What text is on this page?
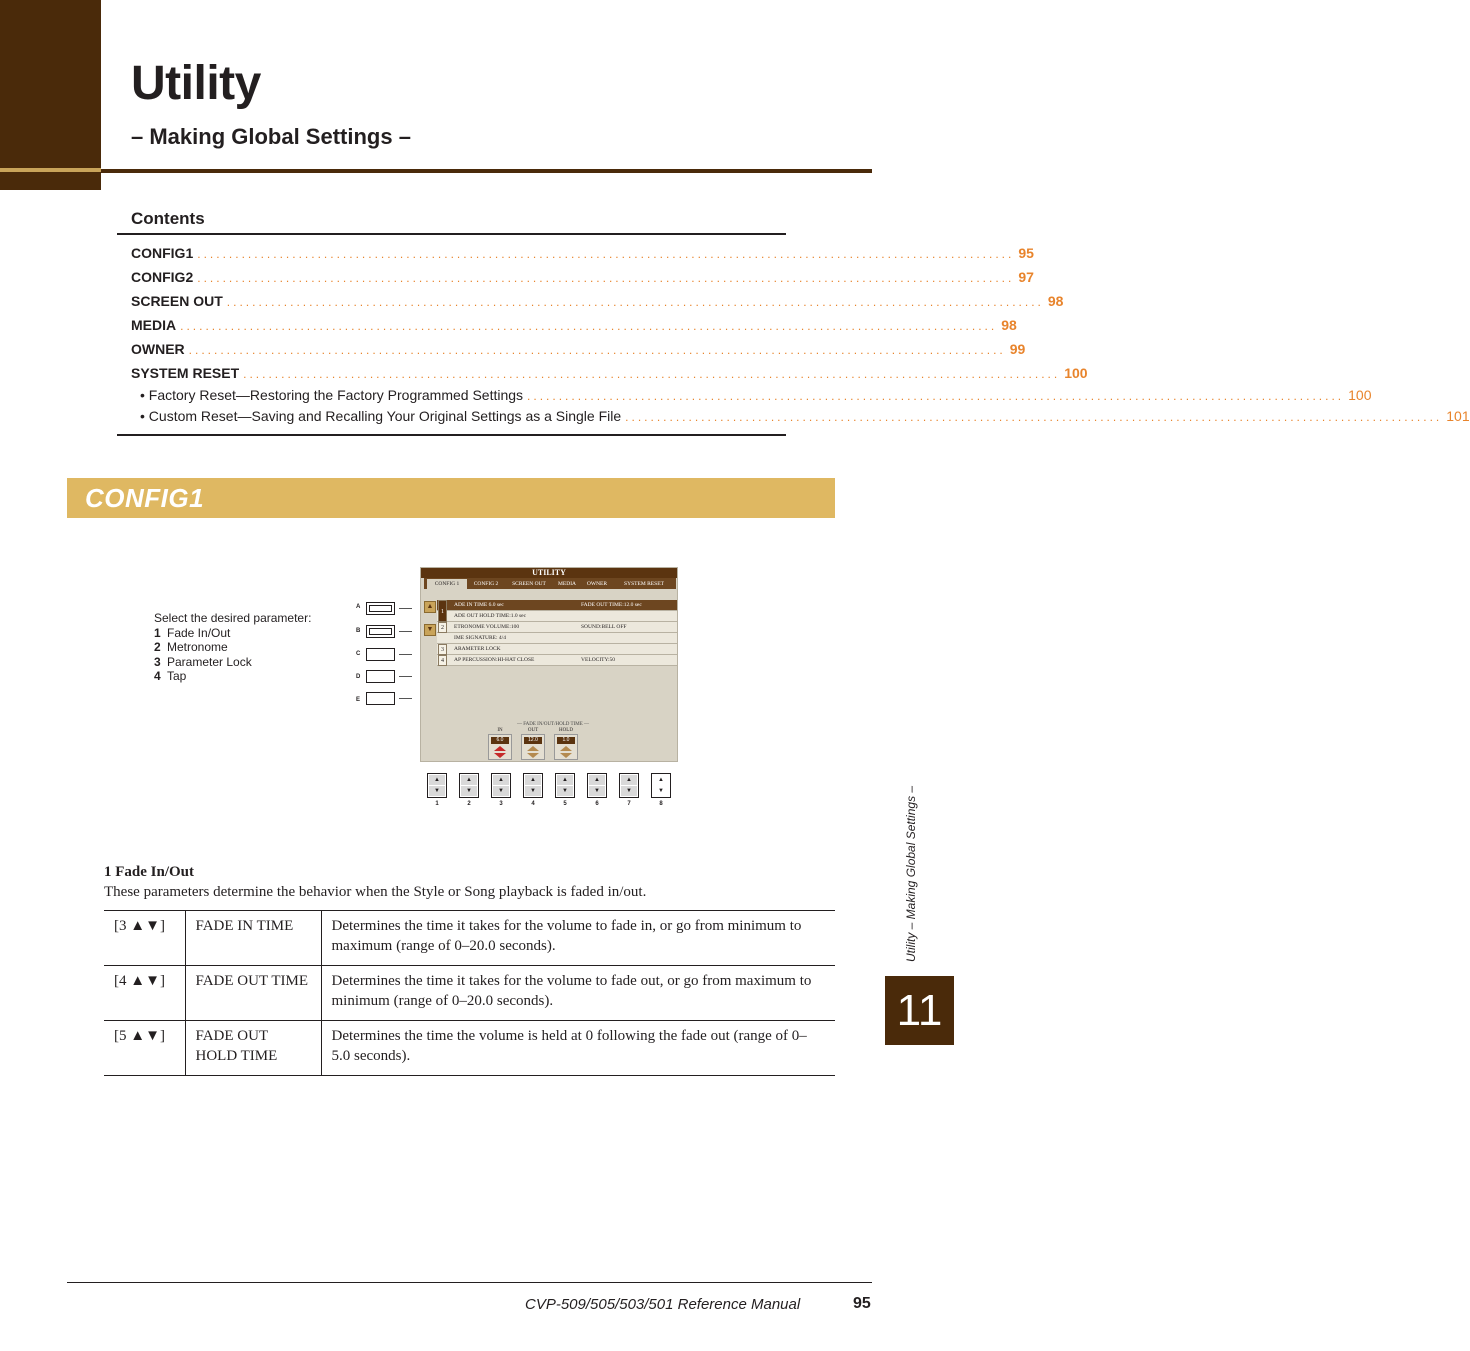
Utility
– Making Global Settings –
Contents
CONFIG1 ................................................................................................................................. 95
CONFIG2 ................................................................................................................................. 97
SCREEN OUT ................................................................................................................................. 98
MEDIA ................................................................................................................................. 98
OWNER ................................................................................................................................. 99
SYSTEM RESET ................................................................................................................................. 100
• Factory Reset—Restoring the Factory Programmed Settings ................................................................................................................................. 100
• Custom Reset—Saving and Recalling Your Original Settings as a Single File ................................................................................................................................. 101
CONFIG1
Select the desired parameter:
1 Fade In/Out
2 Metronome
3 Parameter Lock
4 Tap
A
B
C
D
E
UTILITY
CONFIG 1	CONFIG 2	SCREEN OUT	MEDIA	OWNER	SYSTEM RESET
▲
▼
ADE IN TIME 6.0 sec	FADE OUT TIME:12.0 sec
ADE OUT HOLD TIME:1.0 sec
ETRONOME VOLUME:100	SOUND:BELL OFF
IME SIGNATURE: 4/4
ARAMETER LOCK
AP PERCUSSION:HI-HAT CLOSE	VELOCITY:50
1
2
3
4
— FADE IN/OUT/HOLD TIME —
IN
6.0
OUT
12.0
HOLD
1.0
▲
▼
1
▲
▼
2
▲
▼
3
▲
▼
4
▲
▼
5
▲
▼
6
▲
▼
7
▲
▼
8
1 Fade In/Out
These parameters determine the behavior when the Style or Song playback is faded in/out.
[3 ▲▼]	FADE IN TIME	Determines the time it takes for the volume to fade in, or go from minimum to maximum (range of 0–20.0 seconds).
[4 ▲▼]	FADE OUT TIME	Determines the time it takes for the volume to fade out, or go from maximum to minimum (range of 0–20.0 seconds).
[5 ▲▼]	FADE OUT HOLD TIME	Determines the time the volume is held at 0 following the fade out (range of 0–5.0 seconds).
Utility – Making Global Settings –
11
CVP-509/505/503/501 Reference Manual	95
